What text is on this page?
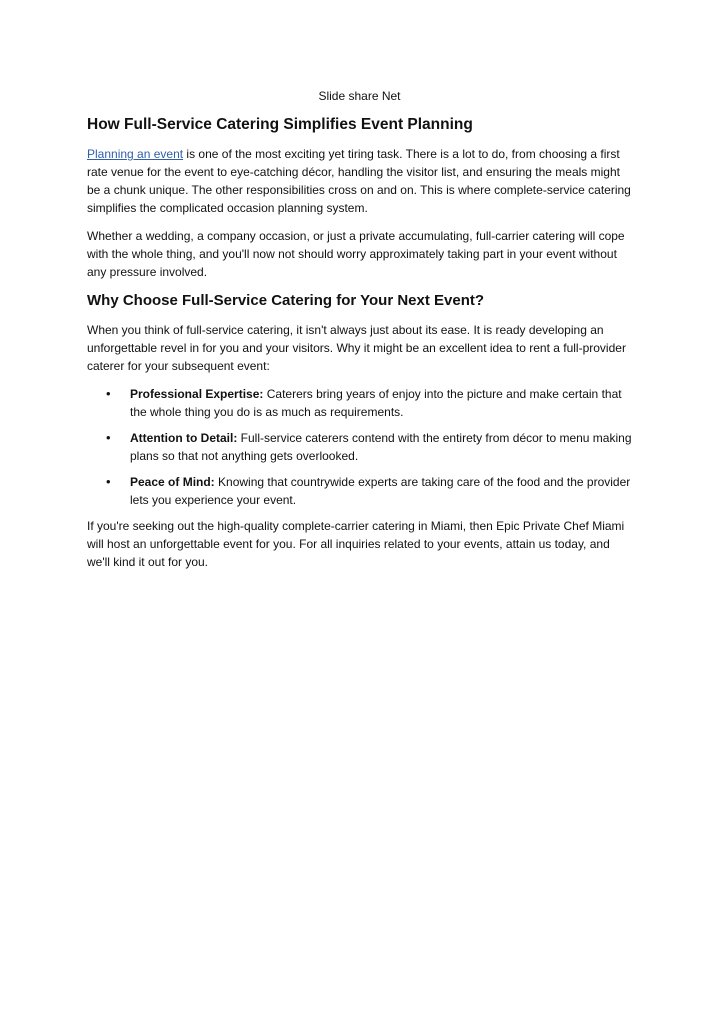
Slide share Net
How Full-Service Catering Simplifies Event Planning

Planning an event is one of the most exciting yet tiring task. There is a lot to do, from choosing a first rate venue for the event to eye-catching décor, handling the visitor list, and ensuring the meals might be a chunk unique. The other responsibilities cross on and on. This is where complete-service catering simplifies the complicated occasion planning system.

Whether a wedding, a company occasion, or just a private accumulating, full-carrier catering will cope with the whole thing, and you'll now not should worry approximately taking part in your event without any pressure involved.

Why Choose Full-Service Catering for Your Next Event?

When you think of full-service catering, it isn't always just about its ease. It is ready developing an unforgettable revel in for you and your visitors. Why it might be an excellent idea to rent a full-provider caterer for your subsequent event:

• Professional Expertise: Caterers bring years of enjoy into the picture and make certain that the whole thing you do is as much as requirements.
• Attention to Detail: Full-service caterers contend with the entirety from décor to menu making plans so that not anything gets overlooked.
• Peace of Mind: Knowing that countrywide experts are taking care of the food and the provider lets you experience your event.

If you're seeking out the high-quality complete-carrier catering in Miami, then Epic Private Chef Miami will host an unforgettable event for you. For all inquiries related to your events, attain us today, and we'll kind it out for you.
